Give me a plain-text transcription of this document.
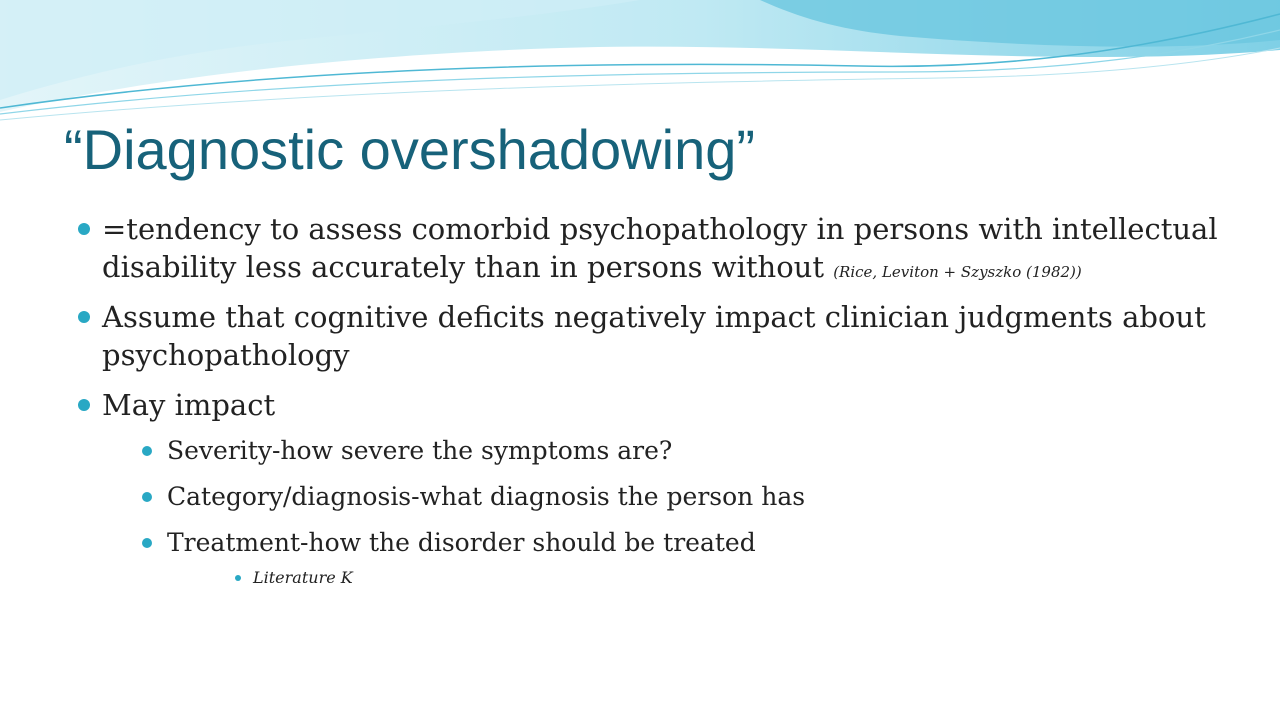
“Diagnostic overshadowing”
=tendency to assess comorbid psychopathology in persons with intellectual disability less accurately than in persons without (Rice, Leviton + Szyszko (1982))
Assume that cognitive deficits negatively impact clinician judgments about psychopathology
May impact
Severity-how severe the symptoms are?
Category/diagnosis-what diagnosis the person has
Treatment-how the disorder should be treated
Literature K
